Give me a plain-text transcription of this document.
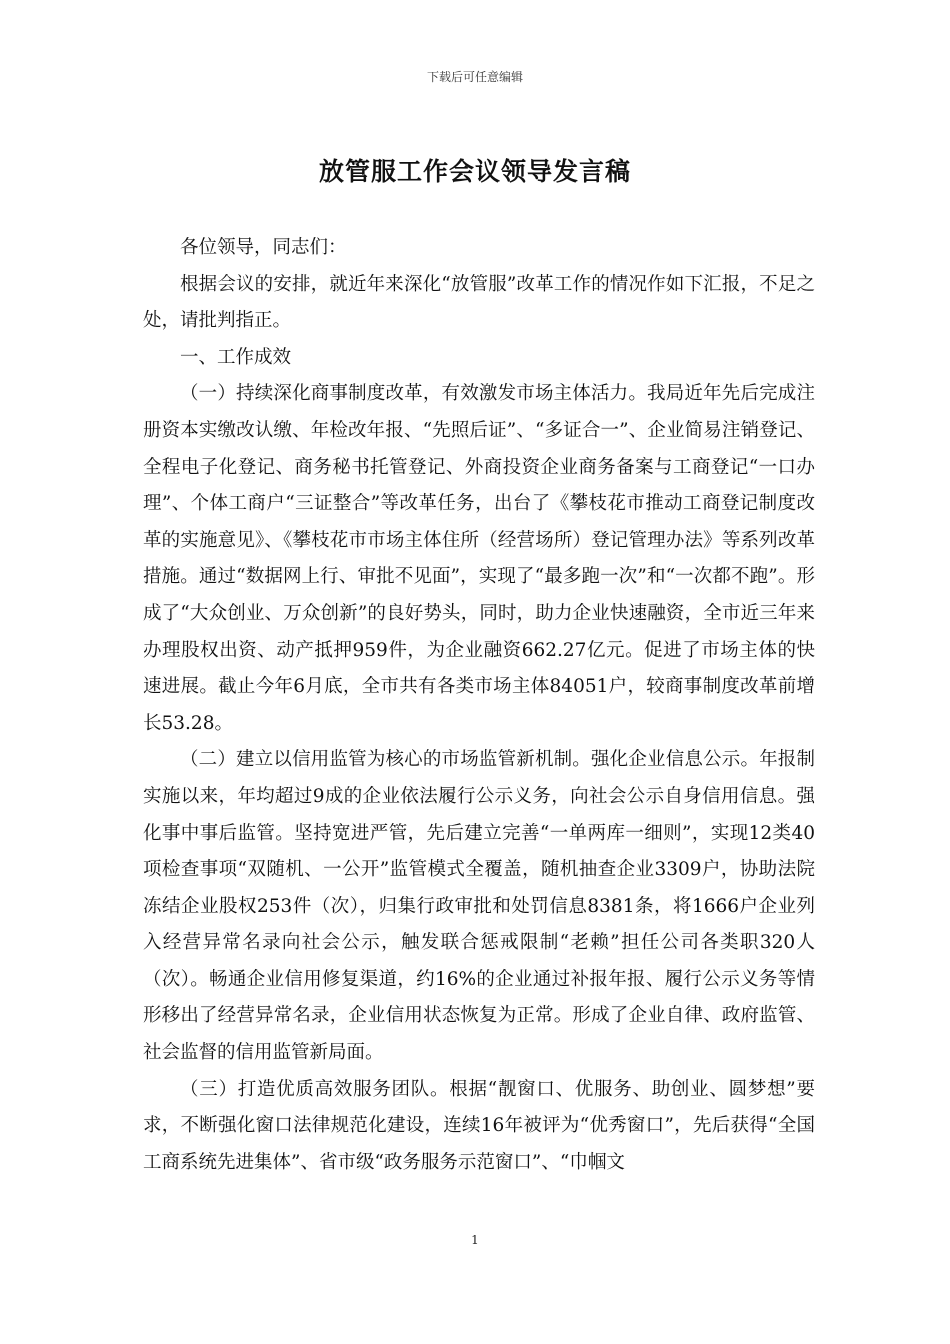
下载后可任意编辑
放管服工作会议领导发言稿

各位领导，同志们：

根据会议的安排，就近年来深化“放管服”改革工作的情况作如下汇报，不足之处，请批判指正。

一、工作成效

（一）持续深化商事制度改革，有效激发市场主体活力。我局近年先后完成注册资本实缴改认缴、年检改年报、“先照后证”、“多证合一”、企业简易注销登记、全程电子化登记、商务秘书托管登记、外商投资企业商务备案与工商登记“一口办理”、个体工商户“三证整合”等改革任务，出台了《攀枝花市推动工商登记制度改革的实施意见》、《攀枝花市市场主体住所（经营场所）登记管理办法》等系列改革措施。通过“数据网上行、审批不见面”，实现了“最多跑一次”和“一次都不跑”。形成了“大众创业、万众创新”的良好势头，同时，助力企业快速融资，全市近三年来办理股权出资、动产抵押959件，为企业融资662.27亿元。促进了市场主体的快速进展。截止今年6月底，全市共有各类市场主体84051户，较商事制度改革前增长53.28。

（二）建立以信用监管为核心的市场监管新机制。强化企业信息公示。年报制实施以来，年均超过9成的企业依法履行公示义务，向社会公示自身信用信息。强化事中事后监管。坚持宽进严管，先后建立完善“一单两库一细则”，实现12类40项检查事项“双随机、一公开”监管模式全覆盖，随机抽查企业3309户，协助法院冻结企业股权253件（次），归集行政审批和处罚信息8381条，将1666户企业列入经营异常名录向社会公示，触发联合惩戒限制“老赖”担任公司各类职320人（次）。畅通企业信用修复渠道，约16%的企业通过补报年报、履行公示义务等情形移出了经营异常名录，企业信用状态恢复为正常。形成了企业自律、政府监管、社会监督的信用监管新局面。

（三）打造优质高效服务团队。根据“靓窗口、优服务、助创业、圆梦想”要求，不断强化窗口法律规范化建设，连续16年被评为“优秀窗口”，先后获得“全国工商系统先进集体”、省市级“政务服务示范窗口”、“巾帼文

1
